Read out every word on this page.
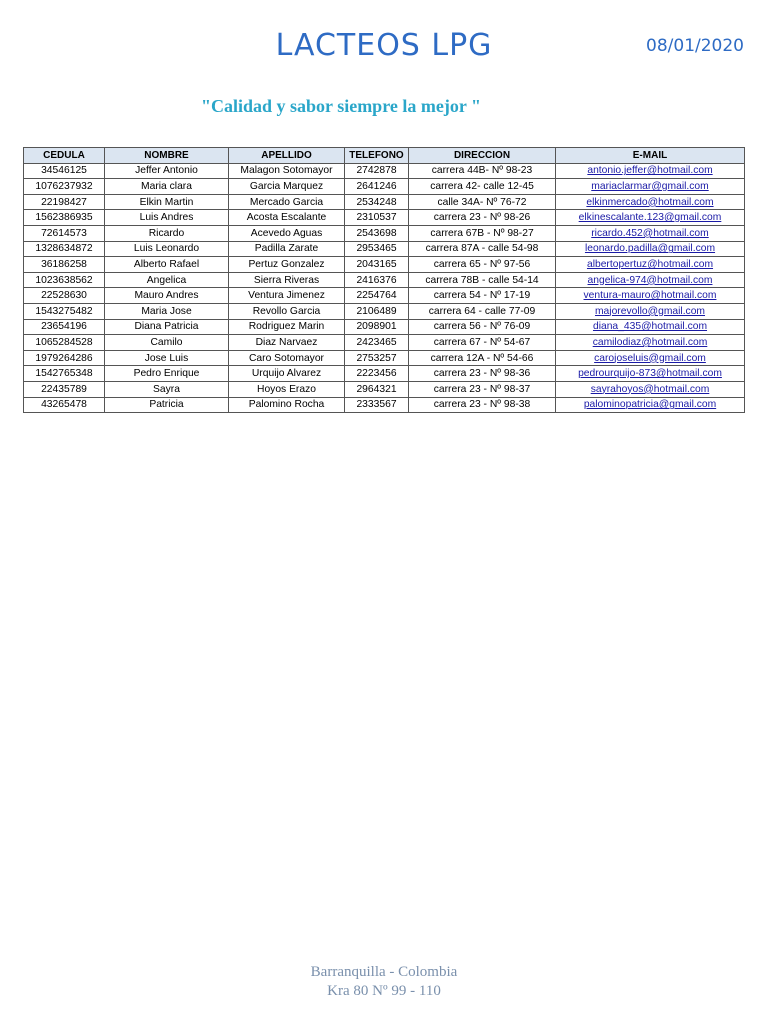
LACTEOS LPG	08/01/2020
"Calidad y sabor siempre la mejor "
CEDULA	NOMBRE	APELLIDO	TELEFONO	DIRECCION	E-MAIL
34546125	Jeffer Antonio	Malagon Sotomayor	2742878	carrera 44B- Nº 98-23	antonio.jeffer@hotmail.com
1076237932	Maria clara	Garcia Marquez	2641246	carrera 42- calle 12-45	mariaclarmar@gmail.com
22198427	Elkin Martin	Mercado Garcia	2534248	calle 34A- Nº 76-72	elkinmercado@hotmail.com
1562386935	Luis Andres	Acosta Escalante	2310537	carrera 23 - Nº 98-26	elkinescalante.123@gmail.com
72614573	Ricardo	Acevedo Aguas	2543698	carrera 67B - Nº 98-27	ricardo.452@hotmail.com
1328634872	Luis Leonardo	Padilla Zarate	2953465	carrera 87A - calle 54-98	leonardo.padilla@gmail.com
36186258	Alberto Rafael	Pertuz Gonzalez	2043165	carrera 65 - Nº 97-56	albertopertuz@hotmail.com
1023638562	Angelica	Sierra Riveras	2416376	carrera 78B - calle 54-14	angelica-974@hotmail.com
22528630	Mauro Andres	Ventura Jimenez	2254764	carrera 54 - Nº 17-19	ventura-mauro@hotmail.com
1543275482	Maria Jose	Revollo Garcia	2106489	carrera 64 - calle 77-09	majorevollo@gmail.com
23654196	Diana Patricia	Rodriguez Marin	2098901	carrera 56 - Nº 76-09	diana_435@hotmail.com
1065284528	Camilo	Diaz Narvaez	2423465	carrera 67 - Nº 54-67	camilodiaz@hotmail.com
1979264286	Jose Luis	Caro Sotomayor	2753257	carrera 12A - Nº 54-66	carojoseluis@gmail.com
1542765348	Pedro Enrique	Urquijo Alvarez	2223456	carrera 23 - Nº 98-36	pedrourquijo-873@hotmail.com
22435789	Sayra	Hoyos Erazo	2964321	carrera 23 - Nº 98-37	sayrahoyos@hotmail.com
43265478	Patricia	Palomino Rocha	2333567	carrera 23 - Nº 98-38	palominopatricia@gmail.com
Barranquilla - Colombia
Kra 80 Nº 99 - 110
